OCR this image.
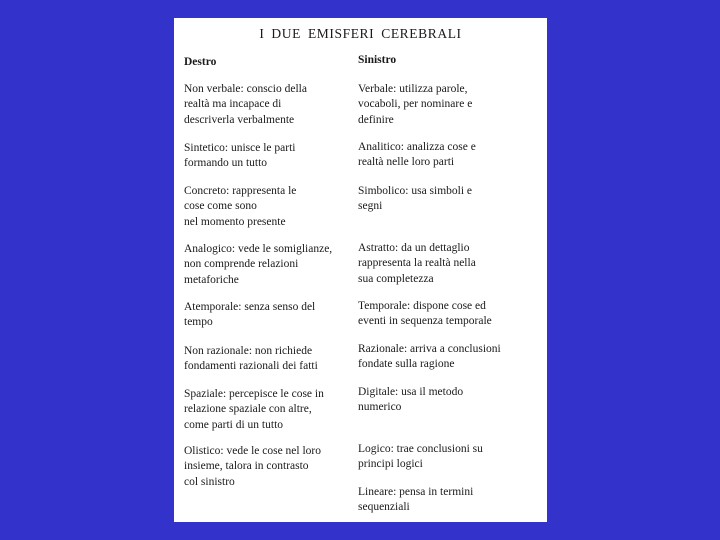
I DUE EMISFERI CEREBRALI
Destro	Sinistro
Non verbale: conscio della
realtà ma incapace di
descriverla verbalmente
Sintetico: unisce le parti
formando un tutto
Concreto: rappresenta le
cose come sono
nel momento presente
Analogico: vede le somiglianze,
non comprende relazioni
metaforiche
Atemporale: senza senso del
tempo
Non razionale: non richiede
fondamenti razionali dei fatti
Spaziale: percepisce le cose in
relazione spaziale con altre,
come parti di un tutto
Olistico: vede le cose nel loro
insieme, talora in contrasto
col sinistro
Verbale: utilizza parole,
vocaboli, per nominare e
definire
Analitico: analizza cose e
realtà nelle loro parti
Simbolico: usa simboli e
segni
Astratto: da un dettaglio
rappresenta la realtà nella
sua completezza
Temporale: dispone cose ed
eventi in sequenza temporale
Razionale: arriva a conclusioni
fondate sulla ragione
Digitale: usa il metodo
numerico
Logico: trae conclusioni su
principi logici
Lineare: pensa in termini
sequenziali
